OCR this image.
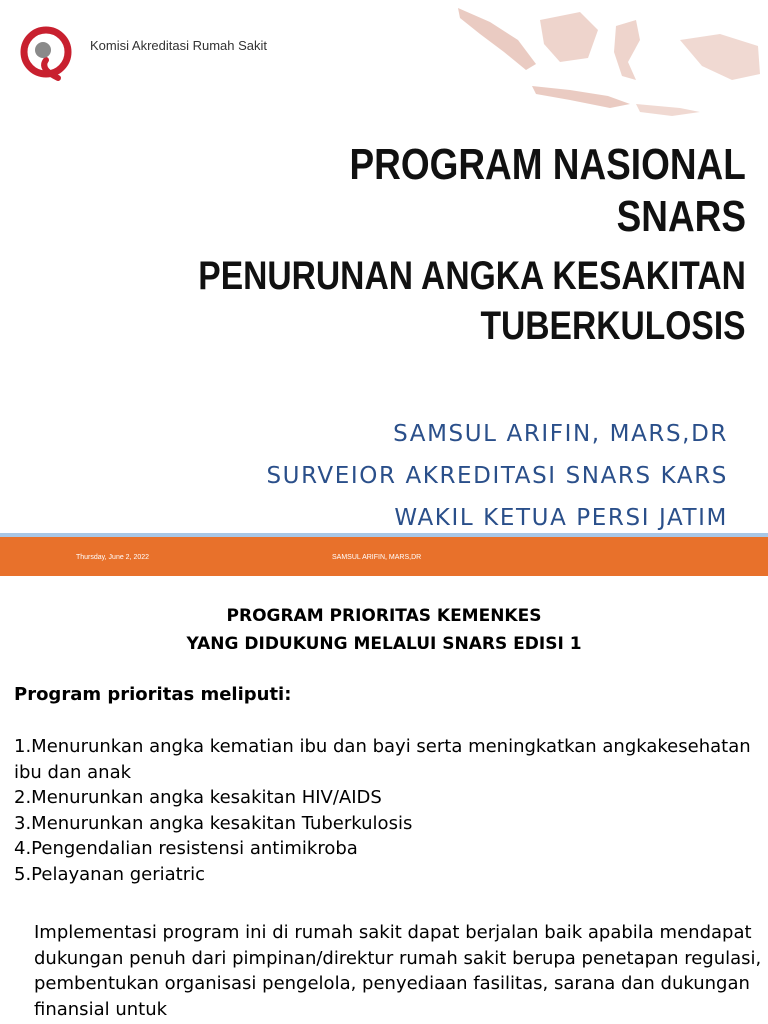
Komisi Akreditasi Rumah Sakit
PROGRAM NASIONAL
SNARS
PENURUNAN ANGKA KESAKITAN
TUBERKULOSIS
SAMSUL ARIFIN, MARS,DR
SURVEIOR AKREDITASI SNARS KARS
WAKIL KETUA PERSI JATIM
Thursday, June 2, 2022	SAMSUL ARIFIN, MARS,DR
PROGRAM PRIORITAS KEMENKES
YANG DIDUKUNG MELALUI SNARS EDISI 1
Program prioritas meliputi:
1.Menurunkan angka kematian ibu dan bayi serta meningkatkan angkakesehatan ibu dan anak
2.Menurunkan angka kesakitan HIV/AIDS
3.Menurunkan angka kesakitan Tuberkulosis
4.Pengendalian resistensi antimikroba
5.Pelayanan geriatric
Implementasi program ini di rumah sakit dapat berjalan baik apabila mendapat dukungan penuh dari pimpinan/direktur rumah sakit berupa penetapan regulasi, pembentukan organisasi pengelola, penyediaan fasilitas, sarana dan dukungan finansial untuk
